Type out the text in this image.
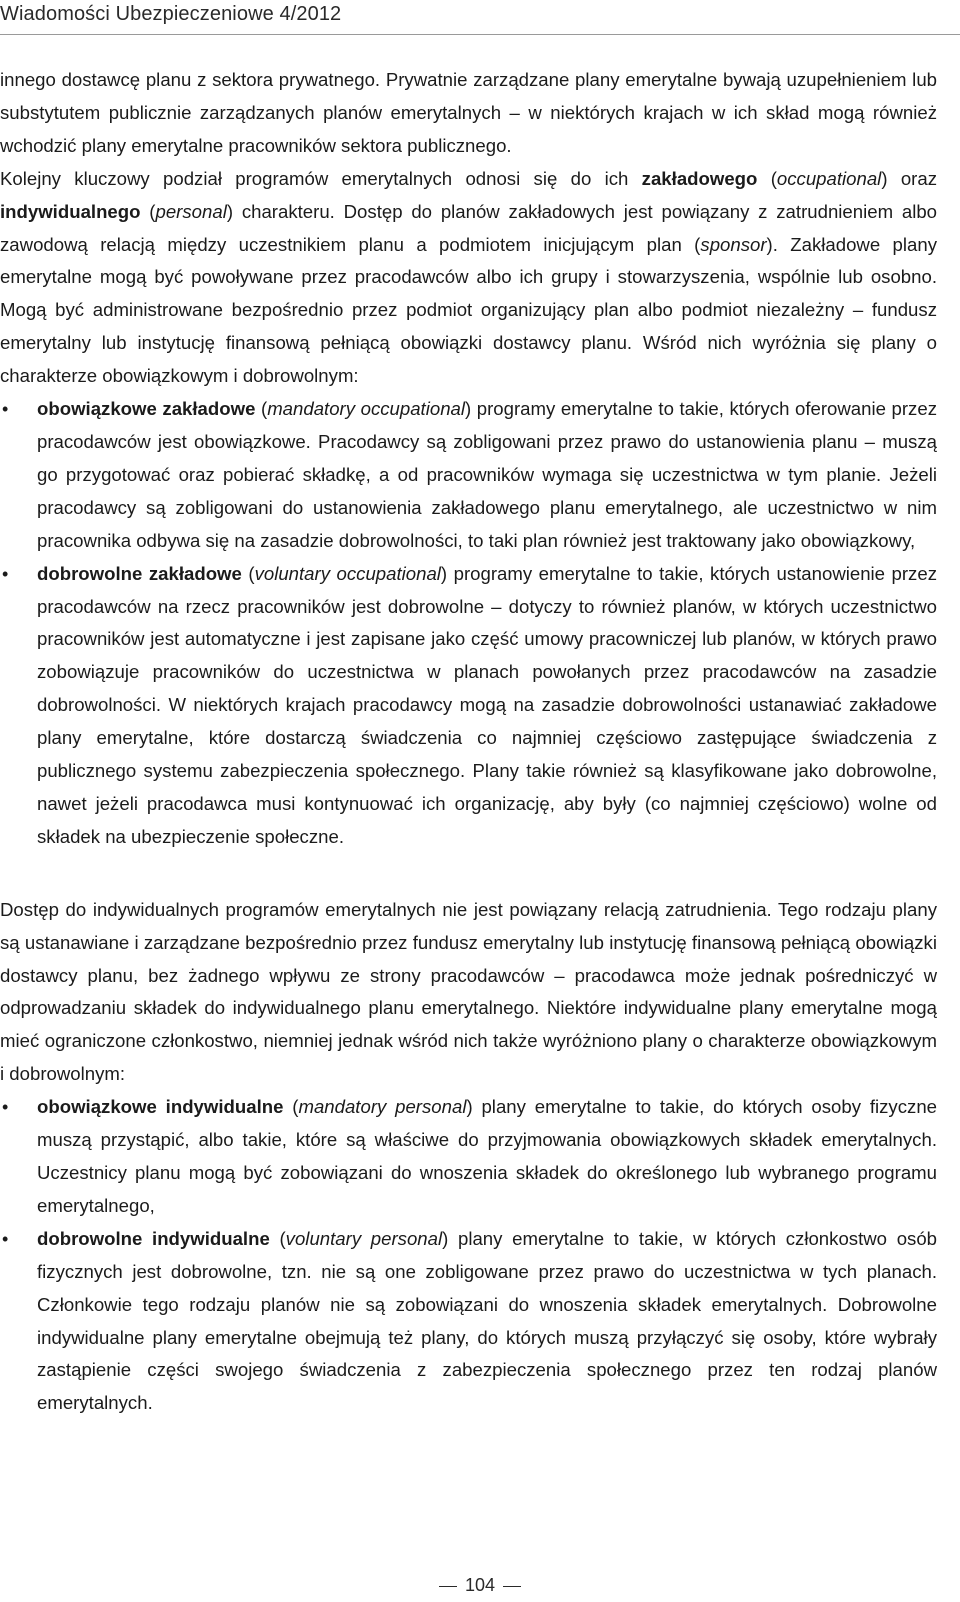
Wiadomości Ubezpieczeniowe 4/2012

innego dostawcę planu z sektora prywatnego. Prywatnie zarządzane plany emerytalne bywają uzupełnieniem lub substytutem publicznie zarządzanych planów emerytalnych – w niektórych krajach w ich skład mogą również wchodzić plany emerytalne pracowników sektora publicznego.

Kolejny kluczowy podział programów emerytalnych odnosi się do ich zakładowego (occupational) oraz indywidualnego (personal) charakteru. Dostęp do planów zakładowych jest powiązany z zatrudnieniem albo zawodową relacją między uczestnikiem planu a podmiotem inicjującym plan (sponsor). Zakładowe plany emerytalne mogą być powoływane przez pracodawców albo ich grupy i stowarzyszenia, wspólnie lub osobno. Mogą być administrowane bezpośrednio przez podmiot organizujący plan albo podmiot niezależny – fundusz emerytalny lub instytucję finansową pełniącą obowiązki dostawcy planu. Wśród nich wyróżnia się plany o charakterze obowiązkowym i dobrowolnym:

• obowiązkowe zakładowe (mandatory occupational) programy emerytalne to takie, których oferowanie przez pracodawców jest obowiązkowe. Pracodawcy są zobligowani przez prawo do ustanowienia planu – muszą go przygotować oraz pobierać składkę, a od pracowników wymaga się uczestnictwa w tym planie. Jeżeli pracodawcy są zobligowani do ustanowienia zakładowego planu emerytalnego, ale uczestnictwo w nim pracownika odbywa się na zasadzie dobrowolności, to taki plan również jest traktowany jako obowiązkowy,
• dobrowolne zakładowe (voluntary occupational) programy emerytalne to takie, których ustanowienie przez pracodawców na rzecz pracowników jest dobrowolne – dotyczy to również planów, w których uczestnictwo pracowników jest automatyczne i jest zapisane jako część umowy pracowniczej lub planów, w których prawo zobowiązuje pracowników do uczestnictwa w planach powołanych przez pracodawców na zasadzie dobrowolności. W niektórych krajach pracodawcy mogą na zasadzie dobrowolności ustanawiać zakładowe plany emerytalne, które dostarczą świadczenia co najmniej częściowo zastępujące świadczenia z publicznego systemu zabezpieczenia społecznego. Plany takie również są klasyfikowane jako dobrowolne, nawet jeżeli pracodawca musi kontynuować ich organizację, aby były (co najmniej częściowo) wolne od składek na ubezpieczenie społeczne.

Dostęp do indywidualnych programów emerytalnych nie jest powiązany relacją zatrudnienia. Tego rodzaju plany są ustanawiane i zarządzane bezpośrednio przez fundusz emerytalny lub instytucję finansową pełniącą obowiązki dostawcy planu, bez żadnego wpływu ze strony pracodawców – pracodawca może jednak pośredniczyć w odprowadzaniu składek do indywidualnego planu emerytalnego. Niektóre indywidualne plany emerytalne mogą mieć ograniczone członkostwo, niemniej jednak wśród nich także wyróżniono plany o charakterze obowiązkowym i dobrowolnym:

• obowiązkowe indywidualne (mandatory personal) plany emerytalne to takie, do których osoby fizyczne muszą przystąpić, albo takie, które są właściwe do przyjmowania obowiązkowych składek emerytalnych. Uczestnicy planu mogą być zobowiązani do wnoszenia składek do określonego lub wybranego programu emerytalnego,
• dobrowolne indywidualne (voluntary personal) plany emerytalne to takie, w których członkostwo osób fizycznych jest dobrowolne, tzn. nie są one zobligowane przez prawo do uczestnictwa w tych planach. Członkowie tego rodzaju planów nie są zobowiązani do wnoszenia składek emerytalnych. Dobrowolne indywidualne plany emerytalne obejmują też plany, do których muszą przyłączyć się osoby, które wybrały zastąpienie części swojego świadczenia z zabezpieczenia społecznego przez ten rodzaj planów emerytalnych.
104
